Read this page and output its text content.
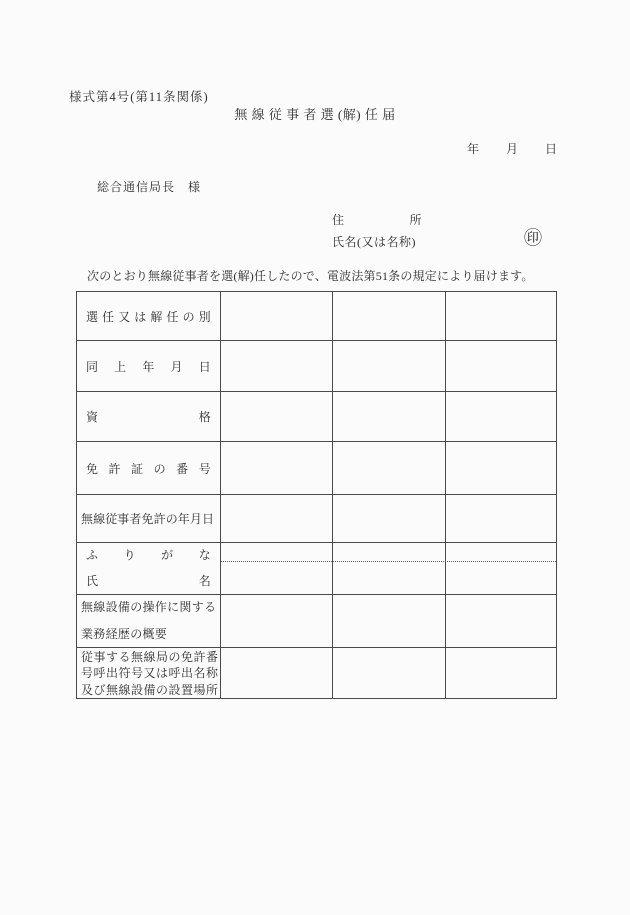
様式第4号(第11条関係)
無 線 従 事 者 選 (解) 任 届
年　　月　　日
総合通信局長　様
住 所
氏名(又は名称)	㊞
次のとおり無線従事者を選(解)任したので、電波法第51条の規定により届けます。
選 任 又 は 解 任 の 別
同 上 年 月 日
資 格
免 許 証 の 番 号
無線従事者免許の年月日
ふ り が な
氏 名
無線設備の操作に関する
業務経歴の概要
従事する無線局の免許番
号呼出符号又は呼出名称
及び無線設備の設置場所
